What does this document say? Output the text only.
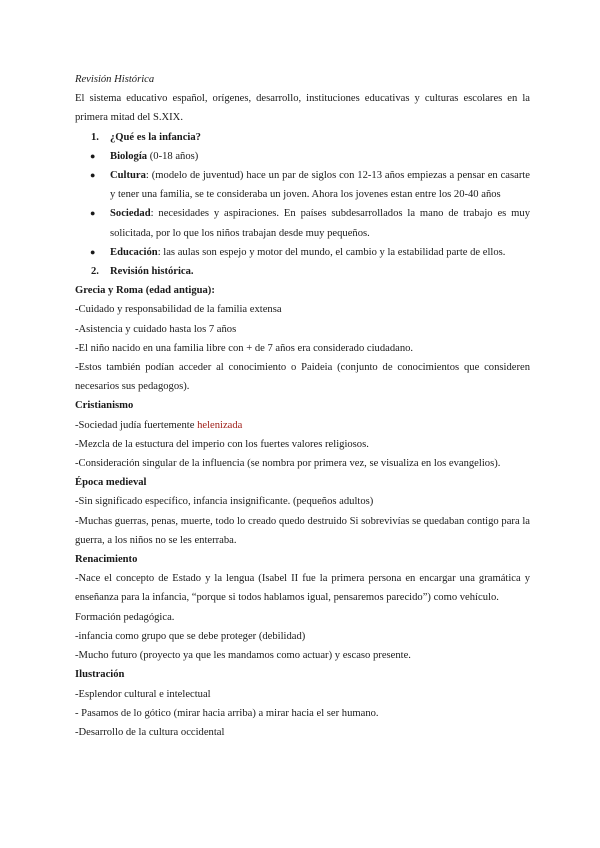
Revisión Histórica
El sistema educativo español, orígenes, desarrollo, instituciones educativas y culturas escolares en la primera mitad del S.XIX.
1. ¿Qué es la infancia?
● Biología (0-18 años)
● Cultura: (modelo de juventud) hace un par de siglos con 12-13 años empiezas a pensar en casarte y tener una familia, se te consideraba un joven. Ahora los jovenes estan entre los 20-40 años
● Sociedad: necesidades y aspiraciones. En países subdesarrollados la mano de trabajo es muy solicitada, por lo que los niños trabajan desde muy pequeños.
● Educación: las aulas son espejo y motor del mundo, el cambio y la estabilidad parte de ellos.
2. Revisión histórica.
Grecia y Roma (edad antigua):
-Cuidado y responsabilidad de la familia extensa
-Asistencia y cuidado hasta los 7 años
-El niño nacido en una familia libre con + de 7 años era considerado ciudadano.
-Estos también podían acceder al conocimiento o Paideia (conjunto de conocimientos que consideren necesarios sus pedagogos).
Cristianismo
-Sociedad judía fuertemente helenizada
-Mezcla de la estuctura del imperio con los fuertes valores religiosos.
-Consideración singular de la influencia (se nombra por primera vez, se visualiza en los evangelios).
Época medieval
-Sin significado específico, infancia insignificante. (pequeños adultos)
-Muchas guerras, penas, muerte, todo lo creado quedo destruido Si sobrevivías se quedaban contigo para la guerra, a los niños no se les enterraba.
Renacimiento
-Nace el concepto de Estado y la lengua (Isabel II fue la primera persona en encargar una gramática y enseñanza para la infancia, “porque si todos hablamos igual, pensaremos parecido”) como vehículo.
Formación pedagógica.
-infancia como grupo que se debe proteger (debilidad)
-Mucho futuro (proyecto ya que les mandamos como actuar) y escaso presente.
Ilustración
-Esplendor cultural e intelectual
- Pasamos de lo gótico (mirar hacia arriba) a mirar hacia el ser humano.
-Desarrollo de la cultura occidental
